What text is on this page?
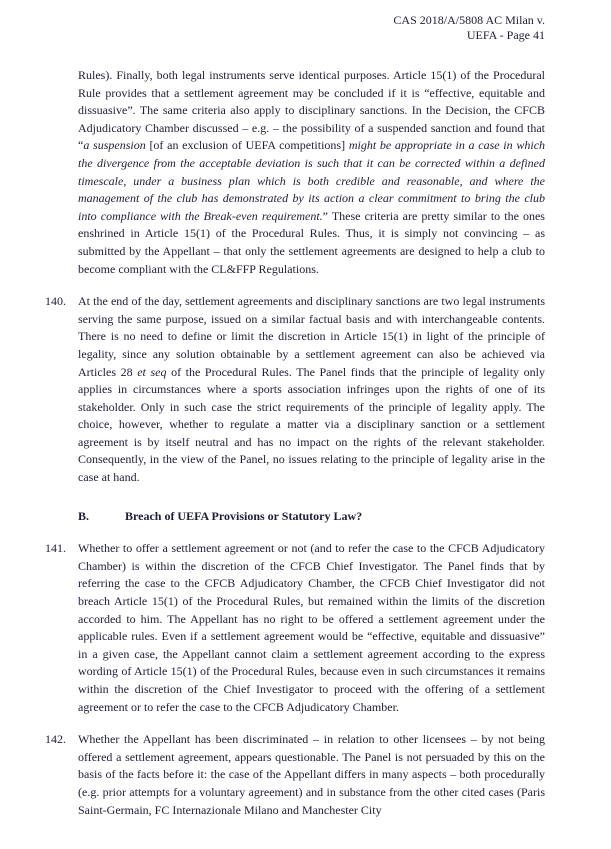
CAS 2018/A/5808 AC Milan v.
UEFA - Page 41
Rules). Finally, both legal instruments serve identical purposes. Article 15(1) of the Procedural Rule provides that a settlement agreement may be concluded if it is “effective, equitable and dissuasive”. The same criteria also apply to disciplinary sanctions. In the Decision, the CFCB Adjudicatory Chamber discussed – e.g. – the possibility of a suspended sanction and found that “a suspension [of an exclusion of UEFA competitions] might be appropriate in a case in which the divergence from the acceptable deviation is such that it can be corrected within a defined timescale, under a business plan which is both credible and reasonable, and where the management of the club has demonstrated by its action a clear commitment to bring the club into compliance with the Break-even requirement.” These criteria are pretty similar to the ones enshrined in Article 15(1) of the Procedural Rules. Thus, it is simply not convincing – as submitted by the Appellant – that only the settlement agreements are designed to help a club to become compliant with the CL&FFP Regulations.
140. At the end of the day, settlement agreements and disciplinary sanctions are two legal instruments serving the same purpose, issued on a similar factual basis and with interchangeable contents. There is no need to define or limit the discretion in Article 15(1) in light of the principle of legality, since any solution obtainable by a settlement agreement can also be achieved via Articles 28 et seq of the Procedural Rules. The Panel finds that the principle of legality only applies in circumstances where a sports association infringes upon the rights of one of its stakeholder. Only in such case the strict requirements of the principle of legality apply. The choice, however, whether to regulate a matter via a disciplinary sanction or a settlement agreement is by itself neutral and has no impact on the rights of the relevant stakeholder. Consequently, in the view of the Panel, no issues relating to the principle of legality arise in the case at hand.
B.	Breach of UEFA Provisions or Statutory Law?
141. Whether to offer a settlement agreement or not (and to refer the case to the CFCB Adjudicatory Chamber) is within the discretion of the CFCB Chief Investigator. The Panel finds that by referring the case to the CFCB Adjudicatory Chamber, the CFCB Chief Investigator did not breach Article 15(1) of the Procedural Rules, but remained within the limits of the discretion accorded to him. The Appellant has no right to be offered a settlement agreement under the applicable rules. Even if a settlement agreement would be “effective, equitable and dissuasive” in a given case, the Appellant cannot claim a settlement agreement according to the express wording of Article 15(1) of the Procedural Rules, because even in such circumstances it remains within the discretion of the Chief Investigator to proceed with the offering of a settlement agreement or to refer the case to the CFCB Adjudicatory Chamber.
142. Whether the Appellant has been discriminated – in relation to other licensees – by not being offered a settlement agreement, appears questionable. The Panel is not persuaded by this on the basis of the facts before it: the case of the Appellant differs in many aspects – both procedurally (e.g. prior attempts for a voluntary agreement) and in substance from the other cited cases (Paris Saint-Germain, FC Internazionale Milano and Manchester City
